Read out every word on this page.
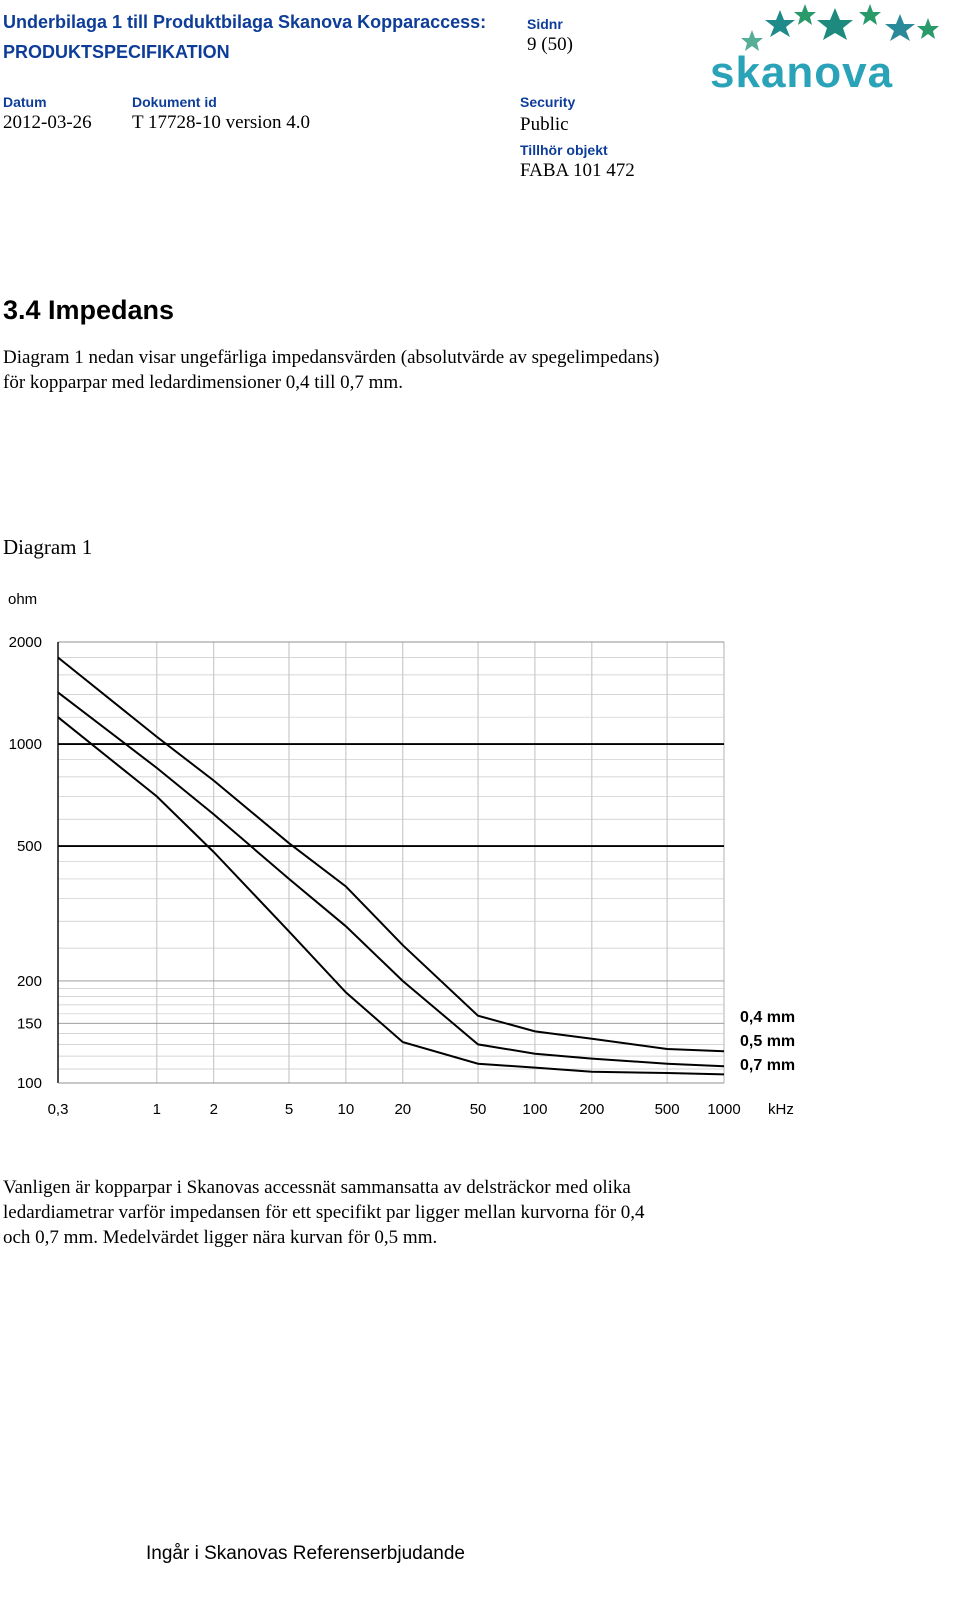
Underbilaga 1 till Produktbilaga Skanova Kopparaccess:
PRODUKTSPECIFIKATION
Sidnr
9 (50)
Datum
2012-03-26
Dokument id
T 17728-10 version 4.0
Security
Public
Tillhör objekt
FABA 101 472
skanova
3.4 Impedans
Diagram 1 nedan visar ungefärliga impedansvärden (absolutvärde av spegelimpedans)
för kopparpar med ledardimensioner 0,4 till 0,7 mm.
Diagram 1
2000
1000
500
200
150
100
ohm
0,3	1	2	5	10	20	50 100 200	500 1000 kHz
0,4 mm
0,5 mm
0,7 mm
Vanligen är kopparpar i Skanovas accessnät sammansatta av delsträckor med olika
ledardiametrar varför impedansen för ett specifikt par ligger mellan kurvorna för 0,4
och 0,7 mm. Medelvärdet ligger nära kurvan för 0,5 mm.
Ingår i Skanovas Referenserbjudande
